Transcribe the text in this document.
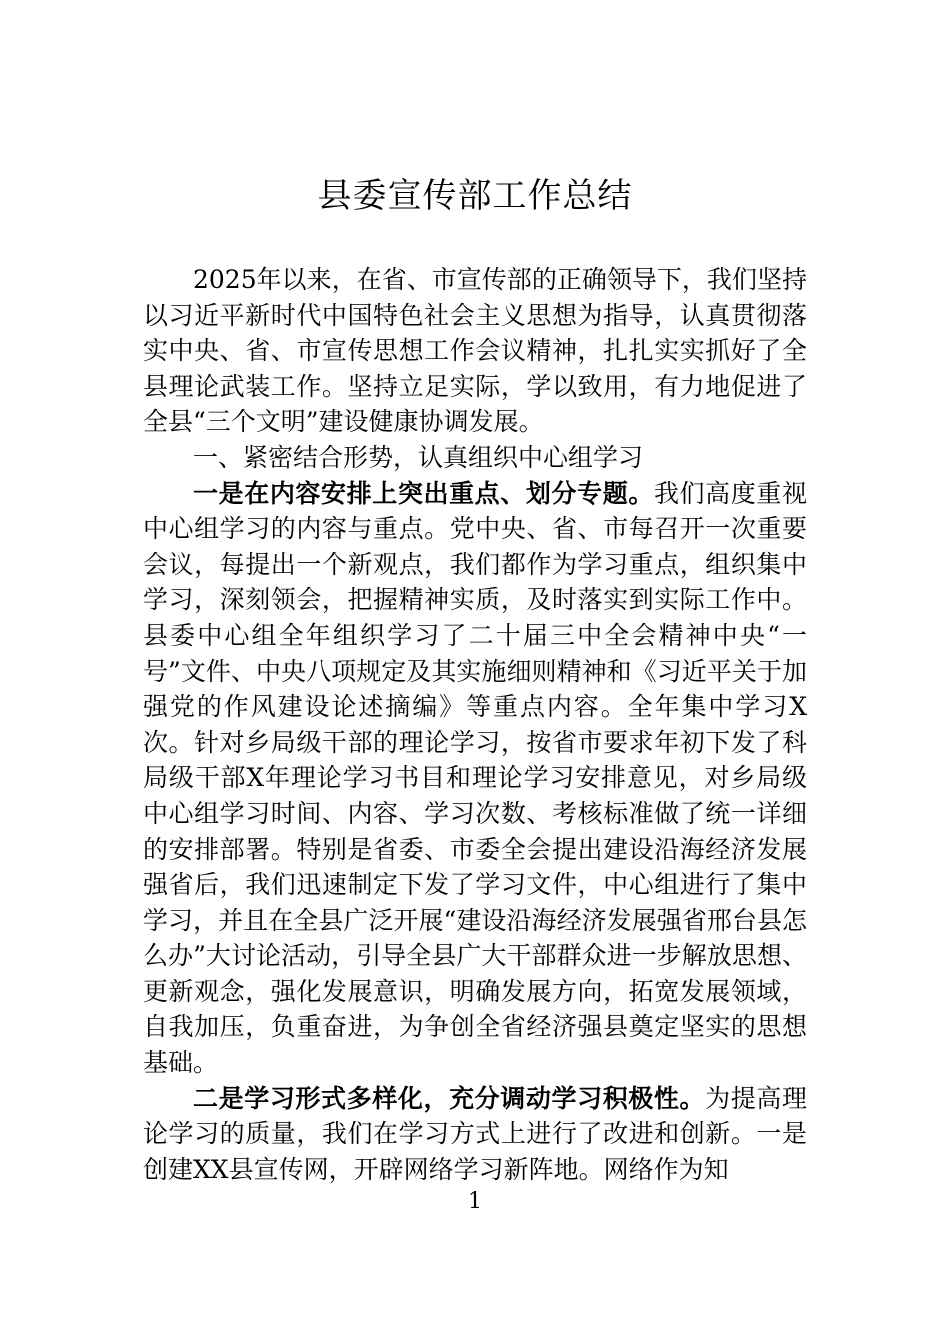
县委宣传部工作总结

2025年以来，在省、市宣传部的正确领导下，我们坚持以习近平新时代中国特色社会主义思想为指导，认真贯彻落实中央、省、市宣传思想工作会议精神，扎扎实实抓好了全县理论武装工作。坚持立足实际，学以致用，有力地促进了全县“三个文明”建设健康协调发展。

一、紧密结合形势，认真组织中心组学习

一是在内容安排上突出重点、划分专题。我们高度重视中心组学习的内容与重点。党中央、省、市每召开一次重要会议，每提出一个新观点，我们都作为学习重点，组织集中学习，深刻领会，把握精神实质，及时落实到实际工作中。县委中心组全年组织学习了二十届三中全会精神中央“一号”文件、中央八项规定及其实施细则精神和《习近平关于加强党的作风建设论述摘编》等重点内容。全年集中学习X次。针对乡局级干部的理论学习，按省市要求年初下发了科局级干部X年理论学习书目和理论学习安排意见，对乡局级中心组学习时间、内容、学习次数、考核标准做了统一详细的安排部署。特别是省委、市委全会提出建设沿海经济发展强省后，我们迅速制定下发了学习文件，中心组进行了集中学习，并且在全县广泛开展“建设沿海经济发展强省邢台县怎么办”大讨论活动，引导全县广大干部群众进一步解放思想、更新观念，强化发展意识，明确发展方向，拓宽发展领域，自我加压，负重奋进，为争创全省经济强县奠定坚实的思想基础。

二是学习形式多样化，充分调动学习积极性。为提高理论学习的质量，我们在学习方式上进行了改进和创新。一是创建XX县宣传网，开辟网络学习新阵地。网络作为知

1
